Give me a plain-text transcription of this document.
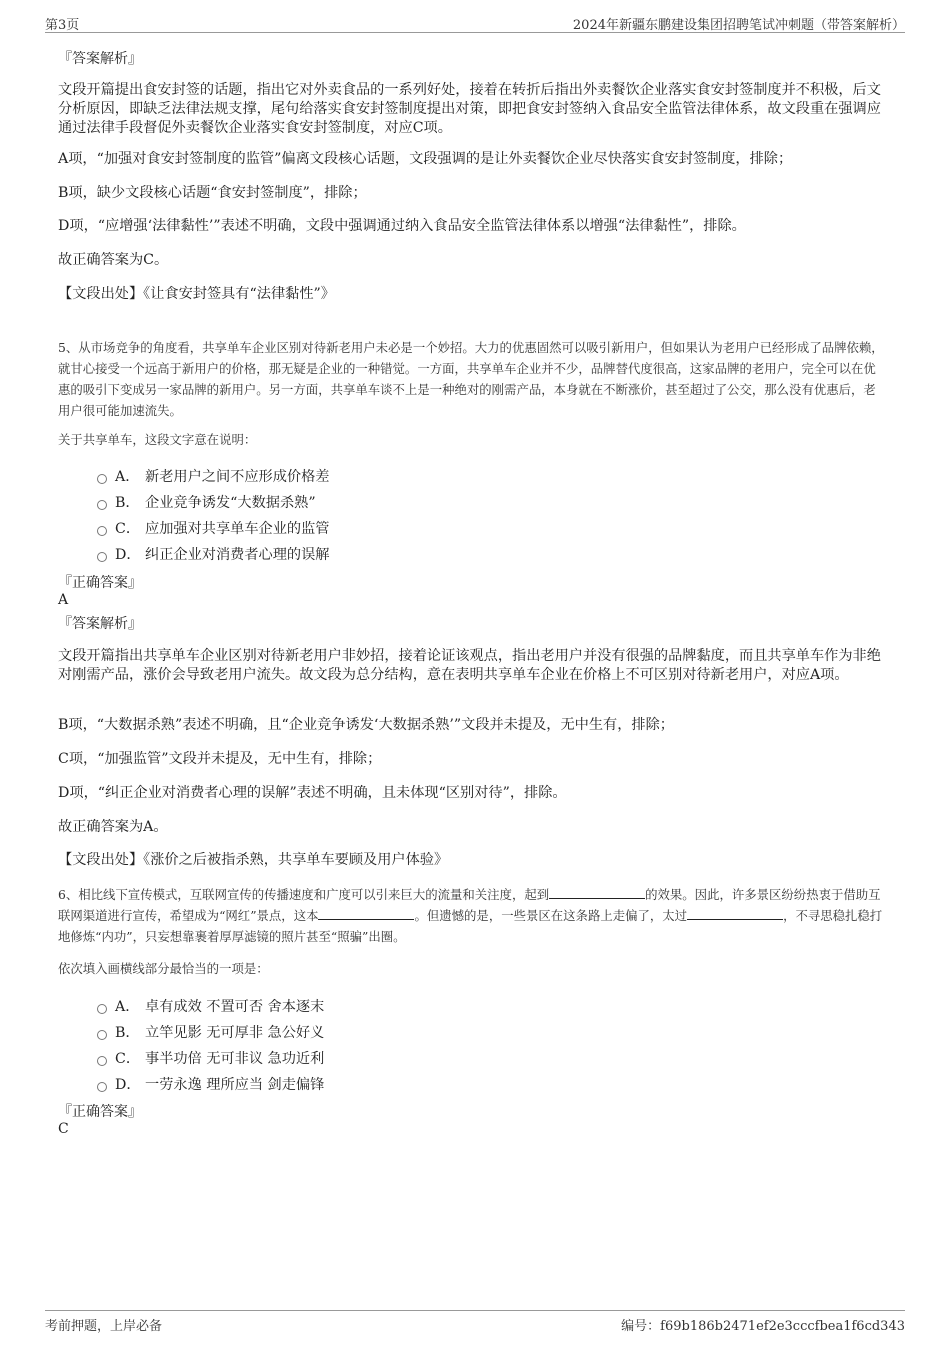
第3页	2024年新疆东鹏建设集团招聘笔试冲刺题（带答案解析）
『答案解析』
文段开篇提出食安封签的话题，指出它对外卖食品的一系列好处，接着在转折后指出外卖餐饮企业落实食安封签制度并不积极，后文分析原因，即缺乏法律法规支撑，尾句给落实食安封签制度提出对策，即把食安封签纳入食品安全监管法律体系，故文段重在强调应通过法律手段督促外卖餐饮企业落实食安封签制度，对应C项。
A项，“加强对食安封签制度的监管”偏离文段核心话题，文段强调的是让外卖餐饮企业尽快落实食安封签制度，排除；
B项，缺少文段核心话题“食安封签制度”，排除；
D项，“应增强‘法律黏性’”表述不明确，文段中强调通过纳入食品安全监管法律体系以增强“法律黏性”，排除。
故正确答案为C。
【文段出处】《让食安封签具有“法律黏性”》
5、从市场竞争的角度看，共享单车企业区别对待新老用户未必是一个妙招。大力的优惠固然可以吸引新用户，但如果认为老用户已经形成了品牌依赖，就甘心接受一个远高于新用户的价格，那无疑是企业的一种错觉。一方面，共享单车企业并不少，品牌替代度很高，这家品牌的老用户，完全可以在优惠的吸引下变成另一家品牌的新用户。另一方面，共享单车谈不上是一种绝对的刚需产品，本身就在不断涨价，甚至超过了公交，那么没有优惠后，老用户很可能加速流失。
关于共享单车，这段文字意在说明：
A． 新老用户之间不应形成价格差
B． 企业竞争诱发“大数据杀熟”
C． 应加强对共享单车企业的监管
D． 纠正企业对消费者心理的误解
『正确答案』
A
『答案解析』
文段开篇指出共享单车企业区别对待新老用户非妙招，接着论证该观点，指出老用户并没有很强的品牌黏度，而且共享单车作为非绝对刚需产品，涨价会导致老用户流失。故文段为总分结构，意在表明共享单车企业在价格上不可区别对待新老用户，对应A项。
B项，“大数据杀熟”表述不明确，且“企业竞争诱发‘大数据杀熟’”文段并未提及，无中生有，排除；
C项，“加强监管”文段并未提及，无中生有，排除；
D项，“纠正企业对消费者心理的误解”表述不明确，且未体现“区别对待”，排除。
故正确答案为A。
【文段出处】《涨价之后被指杀熟，共享单车要顾及用户体验》
6、相比线下宣传模式，互联网宣传的传播速度和广度可以引来巨大的流量和关注度，起到	的效果。因此，许多景区纷纷热衷于借助互联网渠道进行宣传，希望成为“网红”景点，这本	。但遗憾的是，一些景区在这条路上走偏了，太过	，不寻思稳扎稳打地修炼“内功”，只妄想靠裹着厚厚滤镜的照片甚至“照骗”出圈。
依次填入画横线部分最恰当的一项是：
A． 卓有成效 不置可否 舍本逐末
B． 立竿见影 无可厚非 急公好义
C． 事半功倍 无可非议 急功近利
D． 一劳永逸 理所应当 剑走偏锋
『正确答案』
C
考前押题，上岸必备	编号：f69b186b2471ef2e3cccfbea1f6cd343
